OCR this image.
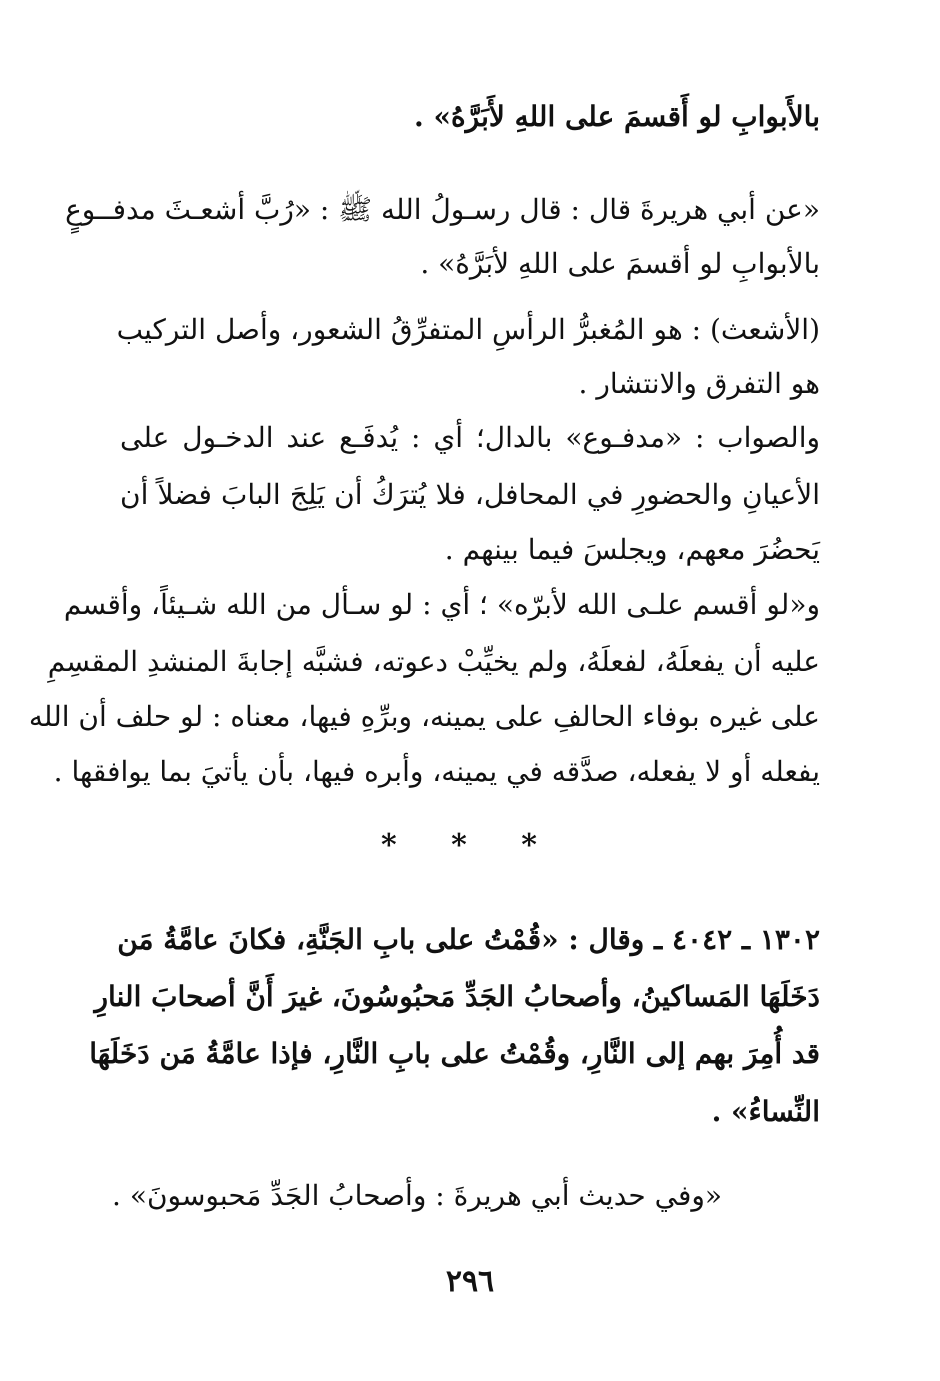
بالأَبوابِ لو أَقسمَ على اللهِ لأَبَرَّهُ» .
«عن أبي هريرةَ قال : قال رسـولُ الله ﷺ : «رُبَّ أشعـثَ مدفــوعٍ
بالأبوابِ لو أقسمَ على اللهِ لأبَرَّهُ» .
(الأشعث) : هو المُغبرُّ الرأسِ المتفرِّقُ الشعور، وأصل التركيب
هو التفرق والانتشار .
والصواب : «مدفـوع» بالدال؛ أي : يُدفَـع عند الدخـول على
الأعيانِ والحضورِ في المحافل، فلا يُترَكُ أن يَلِجَ البابَ فضلاً أن
يَحضُرَ معهم، ويجلسَ فيما بينهم .
و«لو أقسم علـى الله لأبرّه» ؛ أي : لو سـأل من الله شـيئاً، وأقسم
عليه أن يفعلَهُ، لفعلَهُ، ولم يخيِّبْ دعوته، فشبَّه إجابةَ المنشدِ المقسِمِ
على غيره بوفاء الحالفِ على يمينه، وبرِّهِ فيها، معناه : لو حلف أن الله
يفعله أو لا يفعله، صدَّقه في يمينه، وأبره فيها، بأن يأتيَ بما يوافقها .
* * *
١٣٠٢ ـ ٤٠٤٢ ـ وقال : «قُمْتُ على بابِ الجَنَّةِ، فكانَ عامَّةُ مَن
دَخَلَهَا المَساكينُ، وأصحابُ الجَدِّ مَحبُوسُونَ، غيرَ أَنَّ أصحابَ النارِ
قد أُمِرَ بهم إلى النَّارِ، وقُمْتُ على بابِ النَّارِ، فإذا عامَّةُ مَن دَخَلَهَا
النِّساءُ» .
«وفي حديث أبي هريرةَ : وأصحابُ الجَدِّ مَحبوسونَ» .
٢٩٦
